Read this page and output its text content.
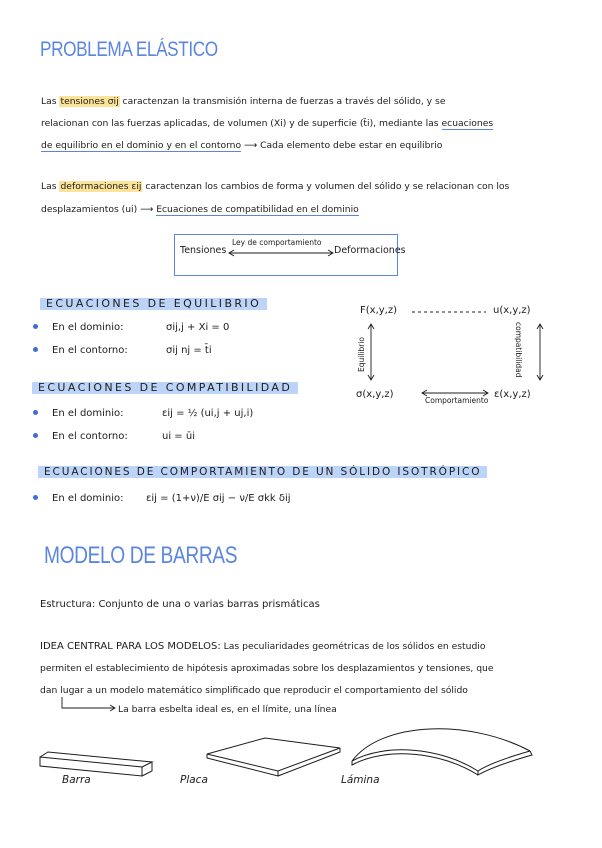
PROBLEMA ELÁSTICO
Las tensiones σij caractenzan la transmisión interna de fuerzas a través del sólido, y se
relacionan con las fuerzas aplicadas, de volumen (Xi) y de superficie (t̄i), mediante las ecuaciones
de equilibrio en el dominio y en el contorno ⟶ Cada elemento debe estar en equilibrio
Las deformaciones εij caractenzan los cambios de forma y volumen del sólido y se relacionan con los
desplazamientos (ui) ⟶ Ecuaciones de compatibilidad en el dominio
Tensiones
Ley de comportamiento
Deformaciones
ECUACIONES DE EQUILIBRIO
En el dominio:	σij,j + Xi = 0
En el contorno:	σij nj = t̄i
F(x,y,z)	u(x,y,z)
σ(x,y,z)	ε(x,y,z)
Equilibrio	compatibilidad
Comportamiento
ECUACIONES DE COMPATIBILIDAD
En el dominio:	εij = ½ (ui,j + uj,i)
En el contorno:	ui = ūi
ECUACIONES DE COMPORTAMIENTO DE UN SÓLIDO ISOTRÓPICO
En el dominio: εij = (1+ν)/E σij − ν/E σkk δij
MODELO DE BARRAS
Estructura: Conjunto de una o varias barras prismáticas
IDEA CENTRAL PARA LOS MODELOS: Las peculiaridades geométricas de los sólidos en estudio
permiten el establecimiento de hipótesis aproximadas sobre los desplazamientos y tensiones, que
dan lugar a un modelo matemático simplificado que reproducir el comportamiento del sólido
La barra esbelta ideal es, en el límite, una línea
Barra	Placa	Lámina
